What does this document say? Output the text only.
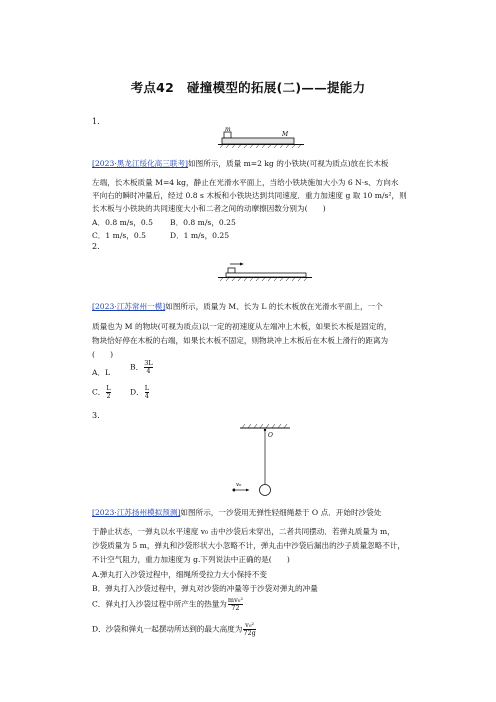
考点42　碰撞模型的拓展(二)——提能力
1.
m
M
[2023·黑龙江绥化高三联考]如图所示，质量 m=2 kg 的小铁块(可视为质点)放在长木板
左端，长木板质量 M=4 kg，静止在光滑水平面上，当给小铁块施加大小为 6 N·s、方向水
平向右的瞬时冲量后，经过 0.8 s 木板和小铁块达到共同速度．重力加速度 g 取 10 m/s²，则
长木板与小铁块的共同速度大小和二者之间的动摩擦因数分别为(　　)
A．0.8 m/s，0.5 B．0.8 m/s，0.25
C．1 m/s，0.5	D．1 m/s，0.25
2.
[2023·江苏常州一模]如图所示，质量为 M、长为 L 的长木板放在光滑水平面上，一个
质量也为 M 的物块(可视为质点)以一定的初速度从左端冲上木板，如果长木板是固定的，
物块恰好停在木板的右端，如果长木板不固定，则物块冲上木板后在木板上滑行的距离为
(　　)
A．L
B． $\frac{3L}{4}$
C． $\frac{L}{2}$	D． $\frac{L}{4}$
3.
O
v₀
[2023·江苏扬州模拟预测]如图所示，一沙袋用无弹性轻细绳悬于 O 点．开始时沙袋处
于静止状态，一弹丸以水平速度 v₀ 击中沙袋后未穿出，二者共同摆动．若弹丸质量为 m，
沙袋质量为 5 m，弹丸和沙袋形状大小忽略不计，弹丸击中沙袋后漏出的沙子质量忽略不计，
不计空气阻力，重力加速度为 g.下列说法中正确的是(　　)
A.弹丸打入沙袋过程中，细绳所受拉力大小保持不变
B．弹丸打入沙袋过程中，弹丸对沙袋的冲量等于沙袋对弹丸的冲量
C．弹丸打入沙袋过程中所产生的热量为 $\frac{\text{mv₀²}}{72}$
D．沙袋和弹丸一起摆动所达到的最大高度为 $\frac{\text{v₀²}}{72g}$
